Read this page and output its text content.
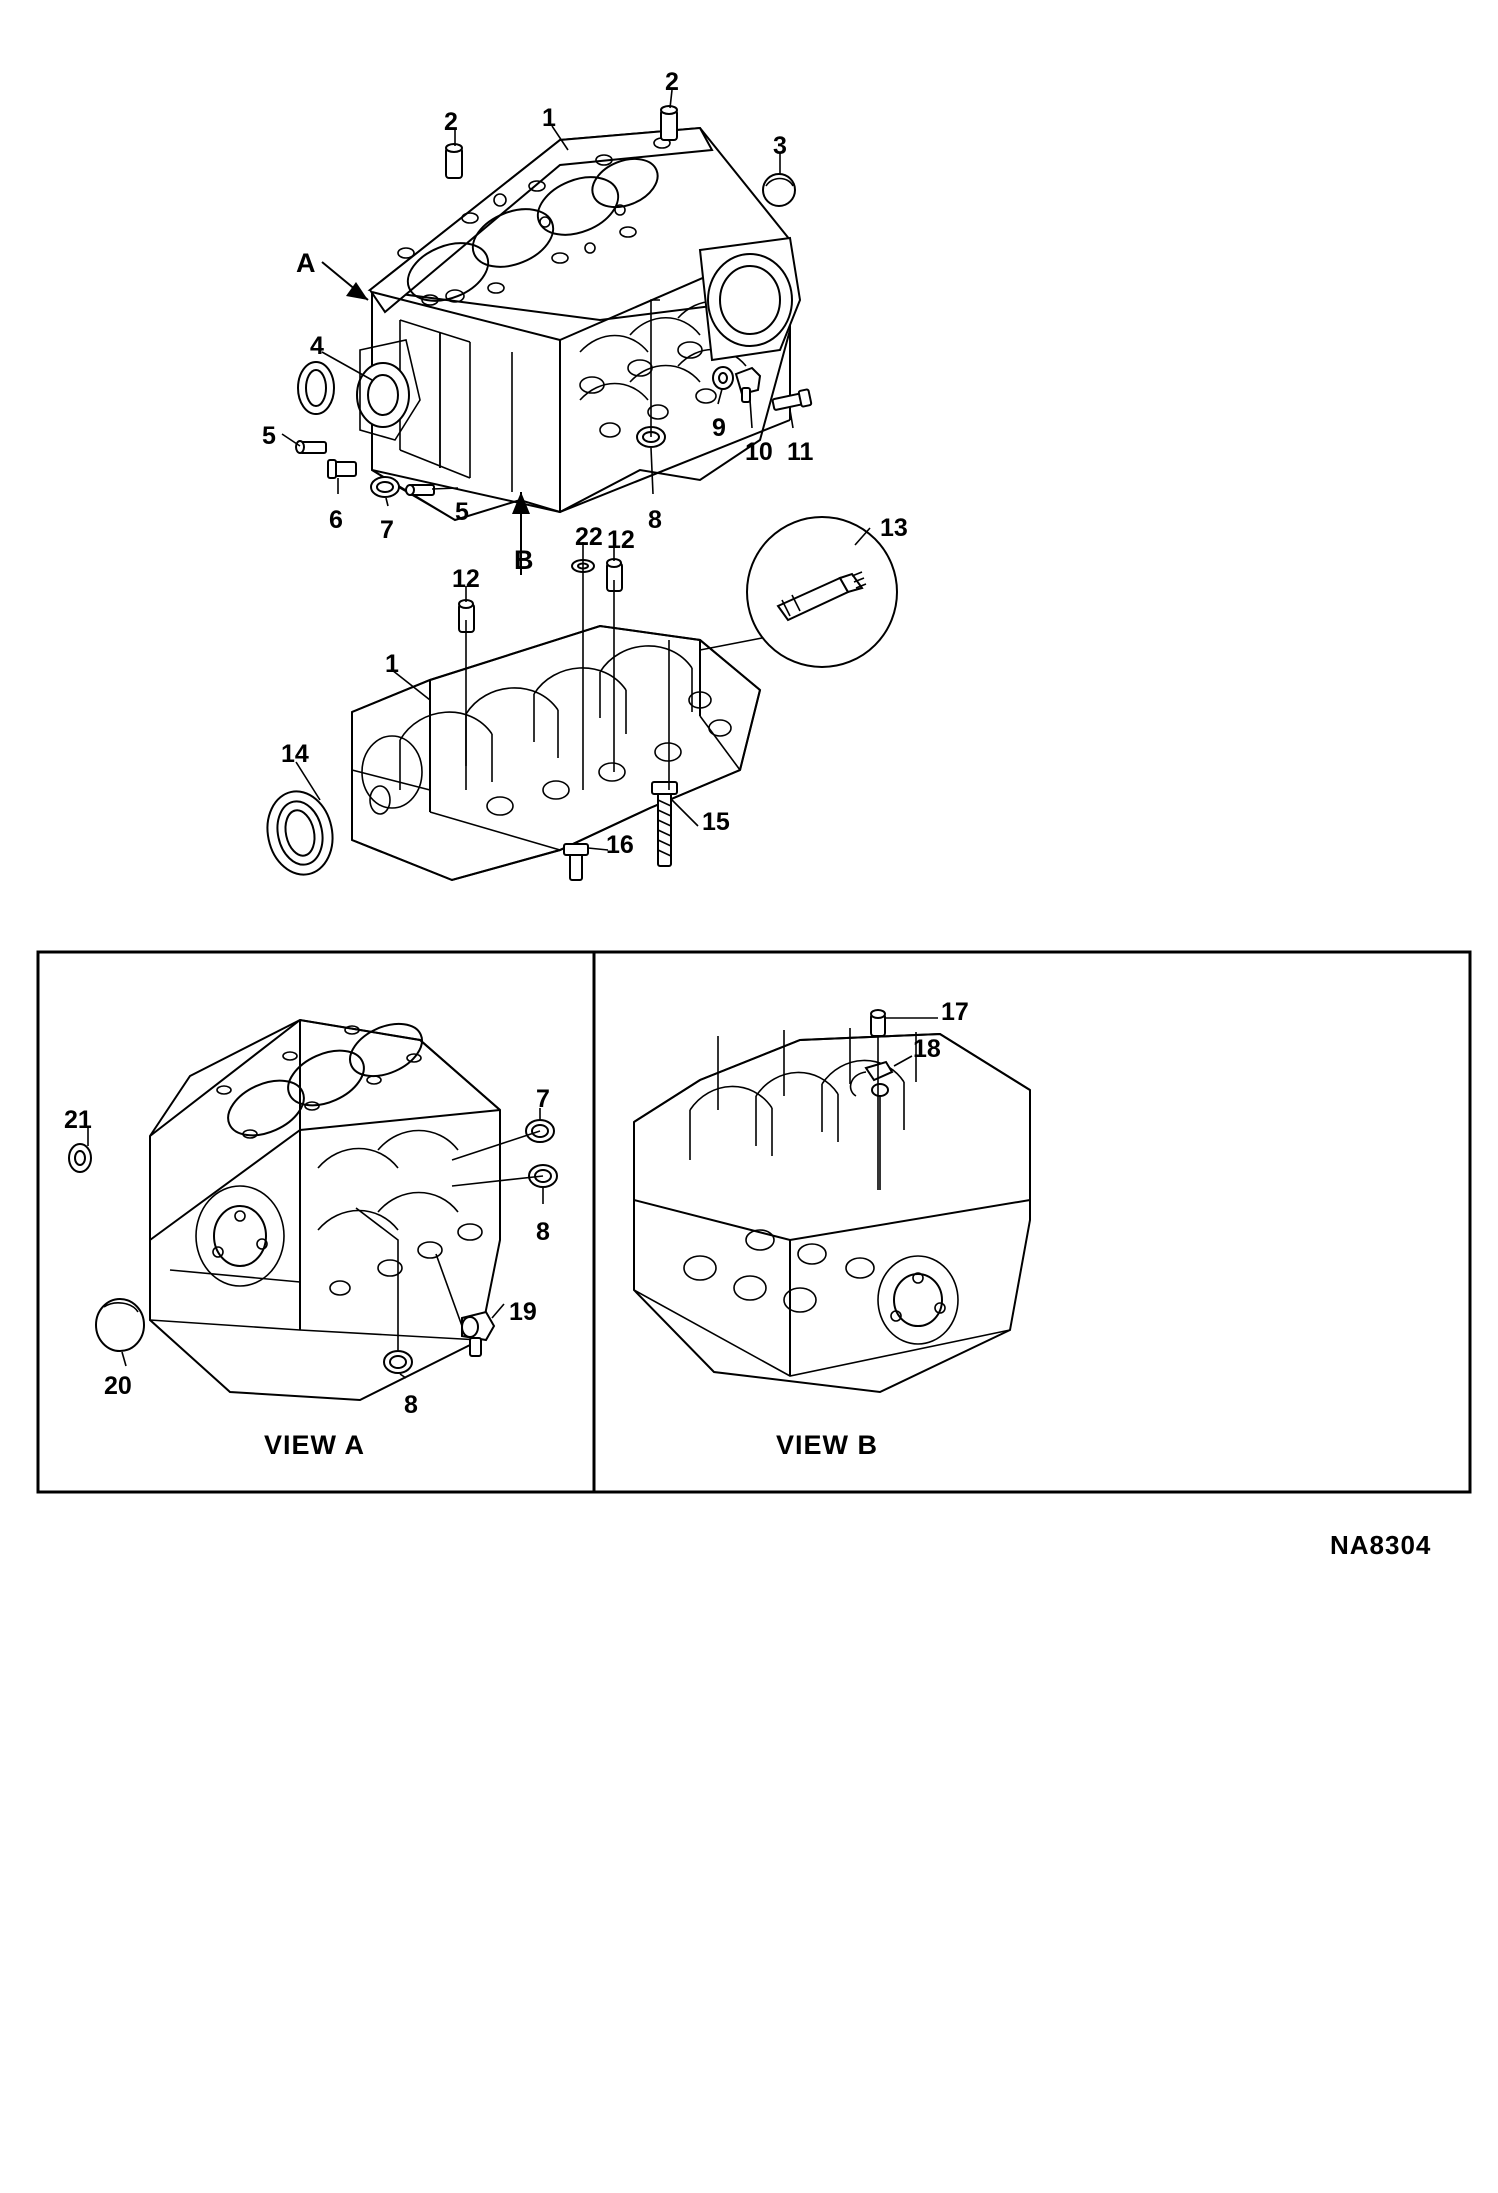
2	1
2
3
A
4
5
6 7
5
B
9
10 11
8
12
22	13
12
1
14
16
15
21
7
8
19
20
8
17
18
VIEW A	VIEW B
NA8304
